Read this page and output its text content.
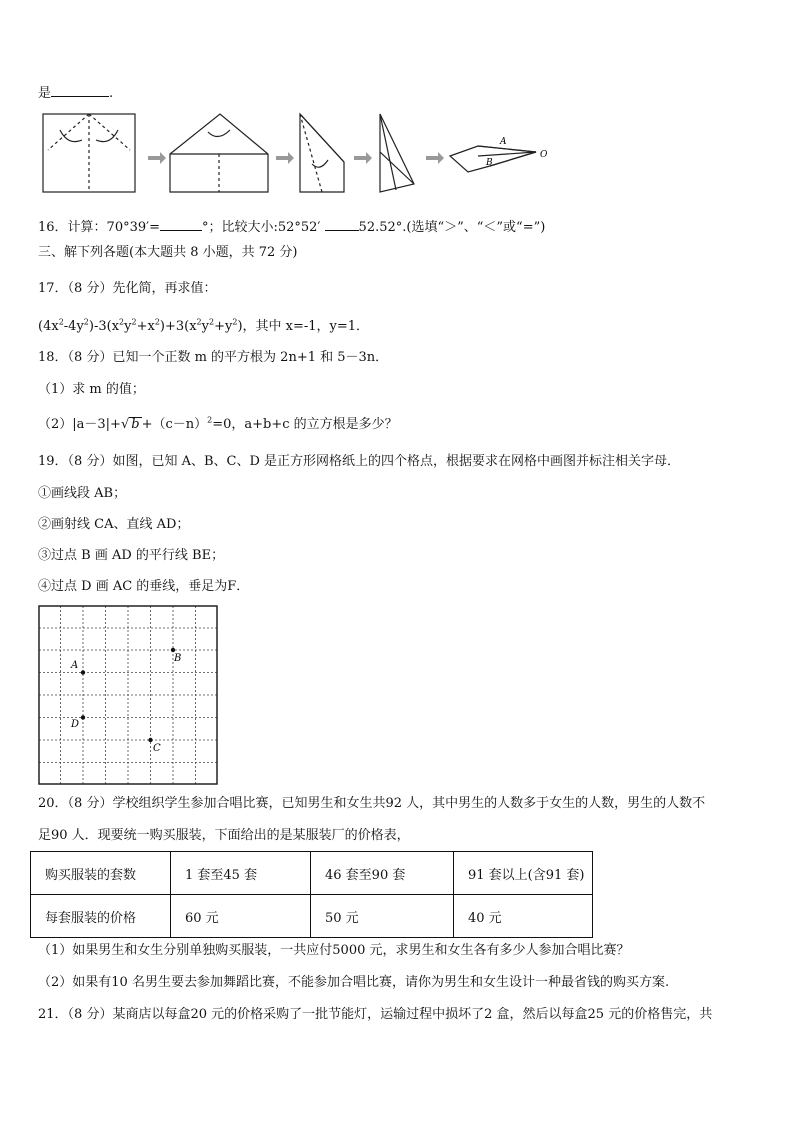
是	.
A
B
O
16．计算：70°39′=	°；比较大小:52°52′	52.52°.(选填“＞”、“＜”或“=”)
三、解下列各题(本大题共 8 小题，共 72 分)
17．（8 分）先化简，再求值：
$(4x^2-4y^2)-3(x^2y^2+x^2)+3(x^2y^2+y^2)$，其中 x=-1，y=1．
18．（8 分）已知一个正数 m 的平方根为 2n+1 和 5－3n．
（1）求 m 的值；
（2）|a－3|+√ $b +(c-n)^2=0$，a+b+c 的立方根是多少？
19．（8 分）如图，已知 A、B、C、D 是正方形网格纸上的四个格点，根据要求在网格中画图并标注相关字母．
①画线段 AB；
②画射线 CA、直线 AD；
③过点 B 画 AD 的平行线 BE；
④过点 D 画 AC 的垂线，垂足为F．
A
B
D
C
20．（8 分）学校组织学生参加合唱比赛，已知男生和女生共92 人，其中男生的人数多于女生的人数，男生的人数不
足90 人．现要统一购买服装，下面给出的是某服装厂的价格表，
购买服装的套数	1 套至45 套	46 套至90 套	91 套以上(含91 套)
每套服装的价格	60 元	50 元	40 元
（1）如果男生和女生分别单独购买服装，一共应付5000 元，求男生和女生各有多少人参加合唱比赛？
（2）如果有10 名男生要去参加舞蹈比赛，不能参加合唱比赛，请你为男生和女生设计一种最省钱的购买方案.
21．（8 分）某商店以每盒20 元的价格采购了一批节能灯，运输过程中损坏了2 盒，然后以每盒25 元的价格售完，共
